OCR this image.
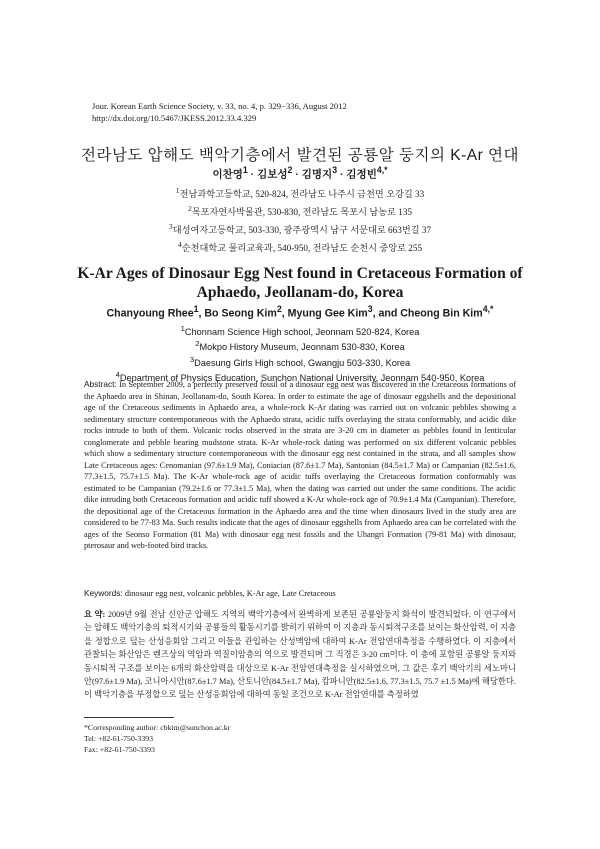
Jour. Korean Earth Science Society, v. 33, no. 4, p. 329−336, August 2012
http://dx.doi.org/10.5467/JKESS.2012.33.4.329
전라남도 압해도 백악기층에서 발견된 공룡알 둥지의 K-Ar 연대
이찬영$^1$ · 김보성$^2$ · 김명지$^3$ · 김정빈$^{4,*}$
$^1$전남과학고등학교, 520-824, 전라남도 나주시 금천면 오강길 33
$^2$목포자연사박물관, 530-830, 전라남도 목포시 남농로 135
$^3$대성여자고등학교, 503-330, 광주광역시 남구 서문대로 663번길 37
$^4$순천대학교 물리교육과, 540-950, 전라남도 순천시 중앙로 255
K-Ar Ages of Dinosaur Egg Nest found in Cretaceous Formation of
Aphaedo, Jeollanam-do, Korea
Chanyoung Rhee$^1$, Bo Seong Kim$^2$, Myung Gee Kim$^3$, and Cheong Bin Kim$^{4,*}$
$^1$Chonnam Science High school, Jeonnam 520-824, Korea
$^2$Mokpo History Museum, Jeonnam 530-830, Korea
$^3$Daesung Girls High school, Gwangju 503-330, Korea
$^4$Department of Physics Education, Sunchon National University, Jeonnam 540-950, Korea
Abstract: In September 2009, a perfectly preserved fossil of a dinosaur egg nest was discovered in the Cretaceous formations of the Aphaedo area in Shinan, Jeollanam-do, South Korea. In order to estimate the age of dinosaur eggshells and the depositional age of the Cretaceous sediments in Aphaedo area, a whole-rock K-Ar dating was carried out on volcanic pebbles showing a sedimentary structure contemporaneous with the Aphaedo strata, acidic tuffs overlaying the strata conformably, and acidic dike rocks intrude to both of them. Volcanic rocks observed in the strata are 3-20 cm in diameter as pebbles found in lenticular conglomerate and pebble bearing mudstone strata. K-Ar whole-rock dating was performed on six different volcanic pebbles which show a sedimentary structure contemporaneous with the dinosaur egg nest contained in the strata, and all samples show Late Cretaceous ages: Cenomanian (97.6±1.9 Ma), Coniacian (87.6±1.7 Ma), Santonian (84.5±1.7 Ma) or Campanian (82.5±1.6, 77.3±1.5, 75.7±1.5 Ma). The K-Ar whole-rock age of acidic tuffs overlaying the Cretaceous formation conformably was estimated to be Campanian (79.2±1.6 or 77.3±1.5 Ma), when the dating was carried out under the same conditions. The acidic dike intruding both Cretaceous formation and acidic tuff showed a K-Ar whole-rock age of 70.9±1.4 Ma (Campanian). Therefore, the depositional age of the Cretaceous formation in the Aphaedo area and the time when dinosaurs lived in the study area are considered to be 77-83 Ma. Such results indicate that the ages of dinosaur eggshells from Aphaedo area can be correlated with the ages of the Seonso Formation (81 Ma) with dinosaur egg nest fossils and the Uhangri Formation (79-81 Ma) with dinosaur, pterosaur and web-footed bird tracks.
Keywords: dinosaur egg nest, volcanic pebbles, K-Ar age, Late Cretaceous
요 약: 2009년 9월 전남 신안군 압해도 지역의 백악기층에서 완벽하게 보존된 공룡알둥지 화석이 발견되었다. 이 연구에서는 압해도 백악기층의 퇴적시기와 공룡들의 활동시기를 밝히기 위하여 이 지층과 동시퇴적구조를 보이는 화산암력, 이 지층을 정합으로 덮는 산성응회암 그리고 이들을 관입하는 산성맥암에 대하여 K-Ar 전암연대측정을 수행하였다. 이 지층에서 관찰되는 화산암은 렌즈상의 역암과 역질이암층의 역으로 발견되며 그 직경은 3-20 cm이다. 이 층에 포함된 공룡알 둥지와 동시퇴적 구조를 보이는 6개의 화산암력을 대상으로 K-Ar 전암연대측정을 실시하였으며, 그 값은 후기 백악기의 세노마니안(97.6±1.9 Ma), 코니아시안(87.6±1.7 Ma), 산토니안(84.5±1.7 Ma), 캄파니안(82.5±1.6, 77.3±1.5, 75.7 ±1.5 Ma)에 해당한다. 이 백악기층을 부정합으로 덮는 산성응회암에 대하여 동일 조건으로 K-Ar 전암연대를 측정하였
*Corresponding author: cbkim@sunchon.ac.kr
Tel: +82-61-750-3393
Fax: +82-61-750-3393
